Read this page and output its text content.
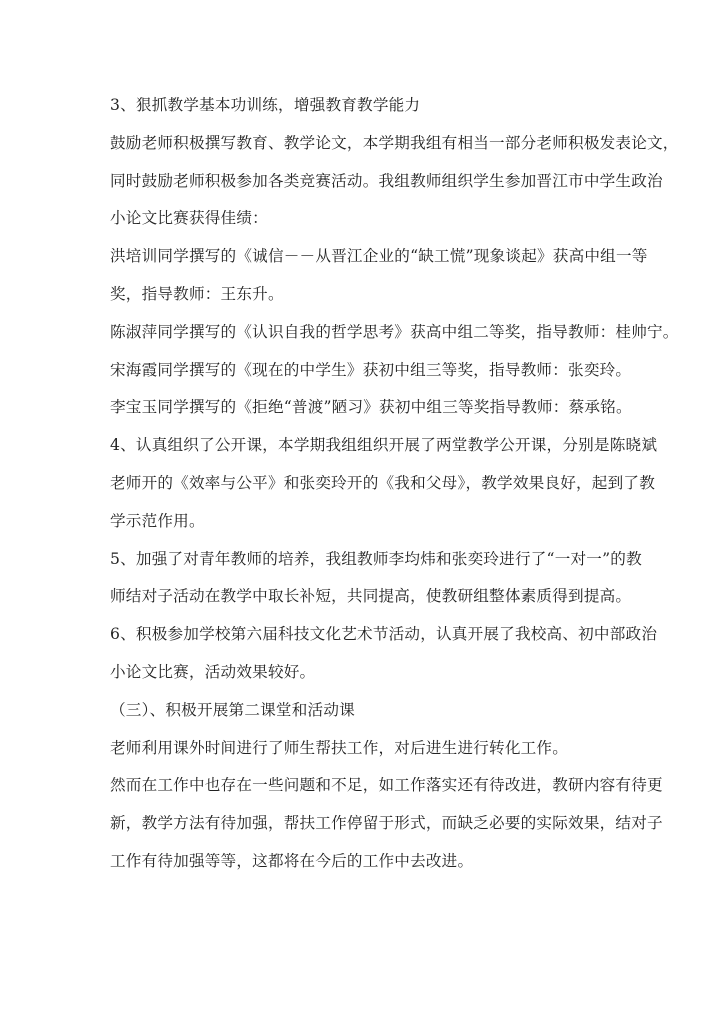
3、狠抓教学基本功训练，增强教育教学能力
鼓励老师积极撰写教育、教学论文，本学期我组有相当一部分老师积极发表论文，
同时鼓励老师积极参加各类竞赛活动。我组教师组织学生参加晋江市中学生政治
小论文比赛获得佳绩：
洪培训同学撰写的《诚信－－从晋江企业的“缺工慌”现象谈起》获高中组一等
奖，指导教师：王东升。
陈淑萍同学撰写的《认识自我的哲学思考》获高中组二等奖，指导教师：桂帅宁。
宋海霞同学撰写的《现在的中学生》获初中组三等奖，指导教师：张奕玲。
李宝玉同学撰写的《拒绝“普渡”陋习》获初中组三等奖指导教师：蔡承铭。
4、认真组织了公开课，本学期我组组织开展了两堂教学公开课，分别是陈晓斌
老师开的《效率与公平》和张奕玲开的《我和父母》，教学效果良好，起到了教
学示范作用。
5、加强了对青年教师的培养，我组教师李均炜和张奕玲进行了“一对一”的教
师结对子活动在教学中取长补短，共同提高，使教研组整体素质得到提高。
6、积极参加学校第六届科技文化艺术节活动，认真开展了我校高、初中部政治
小论文比赛，活动效果较好。
（三）、积极开展第二课堂和活动课
老师利用课外时间进行了师生帮扶工作，对后进生进行转化工作。
然而在工作中也存在一些问题和不足，如工作落实还有待改进，教研内容有待更
新，教学方法有待加强，帮扶工作停留于形式，而缺乏必要的实际效果，结对子
工作有待加强等等，这都将在今后的工作中去改进。
